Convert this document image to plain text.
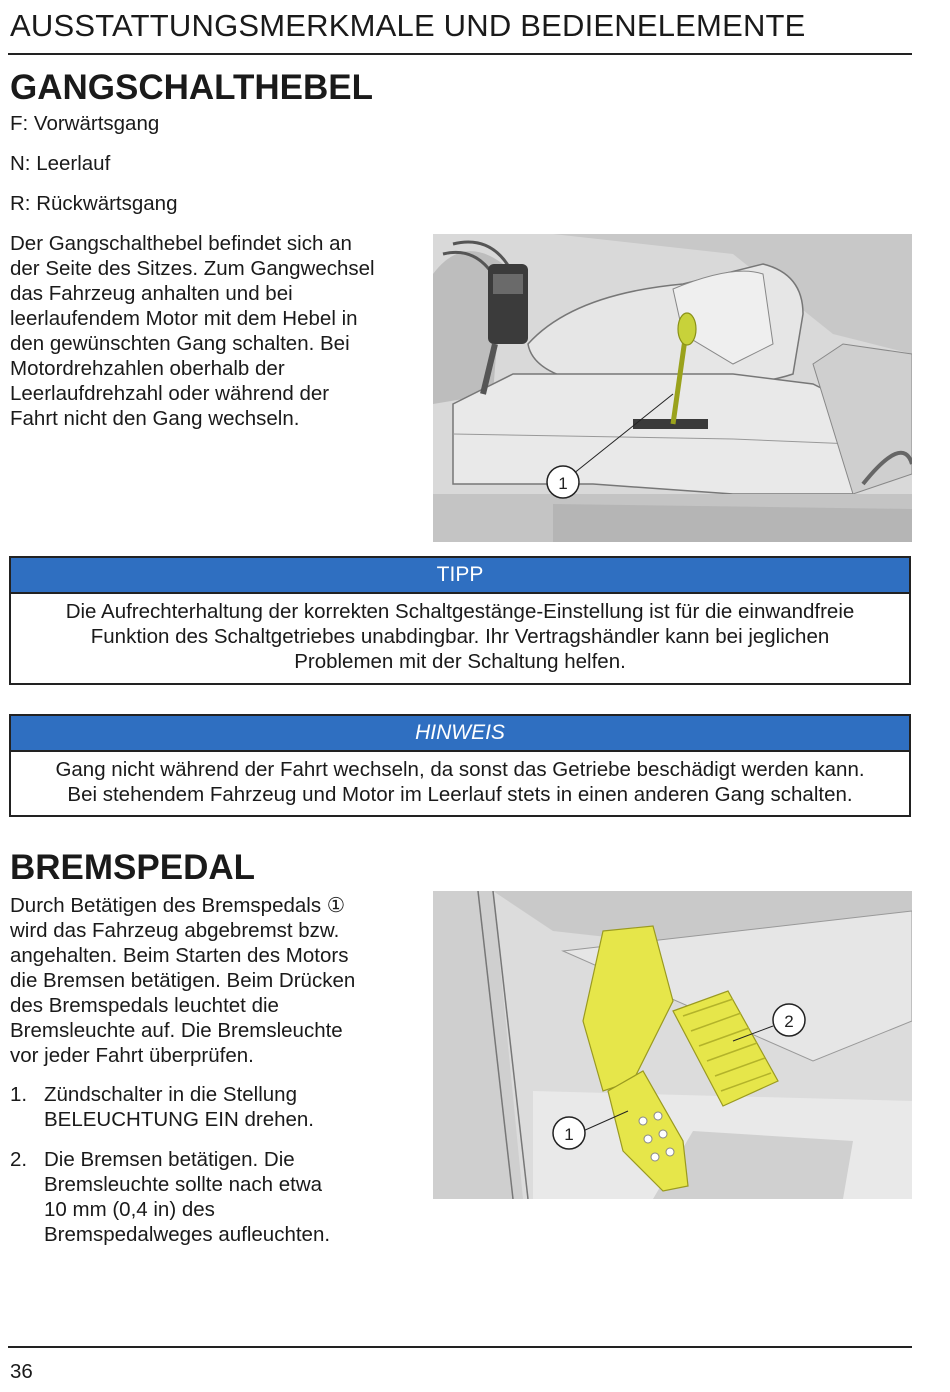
AUSSTATTUNGSMERKMALE UND BEDIENELEMENTE
GANGSCHALTHEBEL
F: Vorwärtsgang
N: Leerlauf
R: Rückwärtsgang
Der Gangschalthebel befindet sich an
der Seite des Sitzes. Zum Gangwechsel
das Fahrzeug anhalten und bei
leerlaufendem Motor mit dem Hebel in
den gewünschten Gang schalten. Bei
Motordrehzahlen oberhalb der
Leerlaufdrehzahl oder während der
Fahrt nicht den Gang wechseln.
1
TIPP
Die Aufrechterhaltung der korrekten Schaltgestänge-Einstellung ist für die einwandfreie
Funktion des Schaltgetriebes unabdingbar. Ihr Vertragshändler kann bei jeglichen
Problemen mit der Schaltung helfen.
HINWEIS
Gang nicht während der Fahrt wechseln, da sonst das Getriebe beschädigt werden kann.
Bei stehendem Fahrzeug und Motor im Leerlauf stets in einen anderen Gang schalten.
BREMSPEDAL
Durch Betätigen des Bremspedals ①
wird das Fahrzeug abgebremst bzw.
angehalten. Beim Starten des Motors
die Bremsen betätigen. Beim Drücken
des Bremspedals leuchtet die
Bremsleuchte auf. Die Bremsleuchte
vor jeder Fahrt überprüfen.
1. Zündschalter in die Stellung
BELEUCHTUNG EIN drehen.
2. Die Bremsen betätigen. Die
Bremsleuchte sollte nach etwa
10 mm (0,4 in) des
Bremspedalweges aufleuchten.
1
2
36
